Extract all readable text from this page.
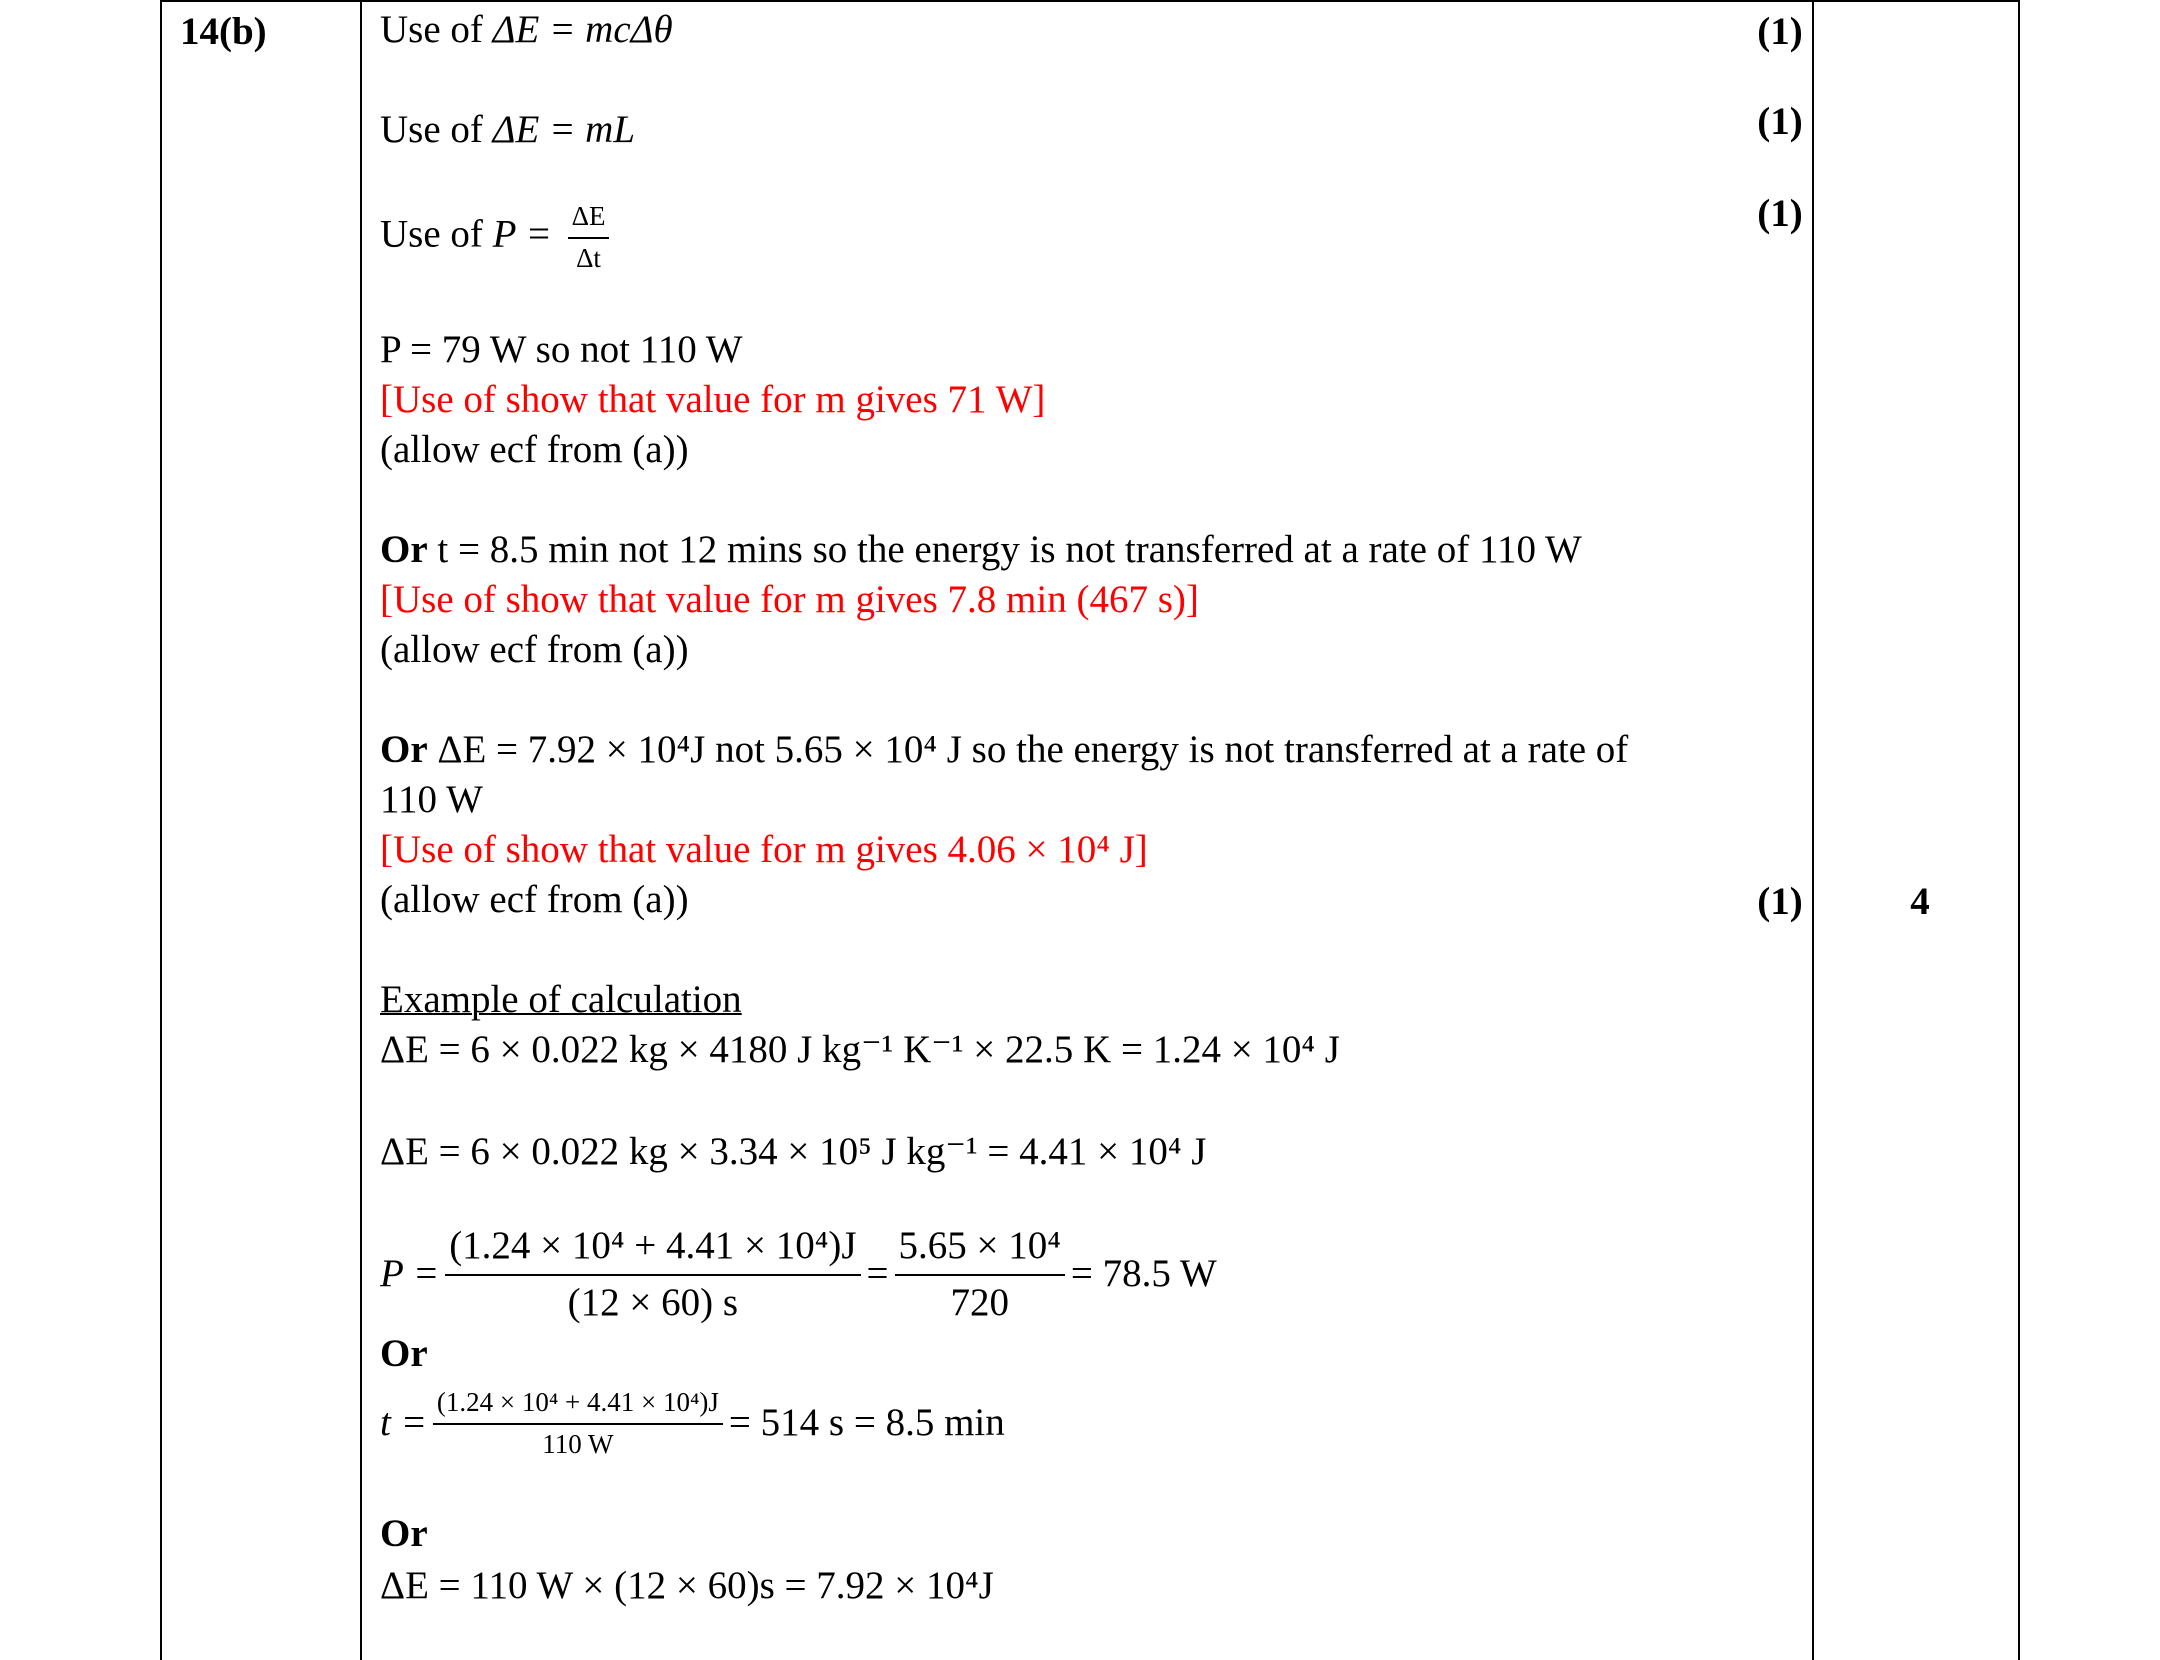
14(b)	Use of ΔE = mcΔθ	(1)
Use of ΔE = mL	(1)
Use of $P = \frac{\Delta E}{\Delta t}$	(1)
P = 79 W so not 110 W
[Use of show that value for m gives 71 W]
(allow ecf from (a))
Or t = 8.5 min not 12 mins so the energy is not transferred at a rate of 110 W
[Use of show that value for m gives 7.8 min (467 s)]
(allow ecf from (a))
Or ΔE = 7.92 × 10⁴J not 5.65 × 10⁴ J so the energy is not transferred at a rate of
110 W
[Use of show that value for m gives 4.06 × 10⁴ J]
(allow ecf from (a))	(1)	4
Example of calculation
ΔE = 6 × 0.022 kg × 4180 J kg⁻¹ K⁻¹ × 22.5 K = 1.24 × 10⁴ J
ΔE = 6 × 0.022 kg × 3.34 × 10⁵ J kg⁻¹ = 4.41 × 10⁴ J
$P = \frac{\text{(1.24 × 10⁴ + 4.41 × 10⁴)J}}{(12 \times 60) s} = \frac{\text{5.65 × 10⁴}}{720} = 78.5$ W
Or
$t = \frac{\text{(1.24 × 10⁴ + 4.41 × 10⁴)J}}{110 W} = 514$ s = 8.5 min
Or
ΔE = 110 W × (12 × 60)s = 7.92 × 10⁴J
